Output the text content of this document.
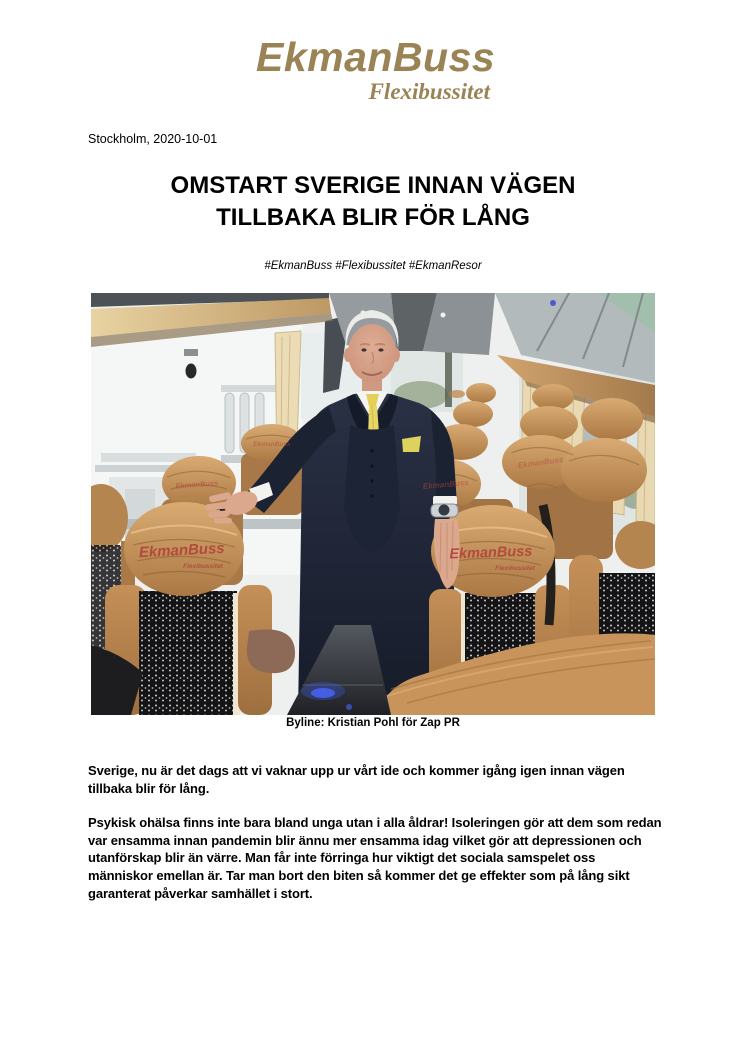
EkmanBuss
Flexibussitet
Stockholm, 2020-10-01
OMSTART SVERIGE INNAN VÄGEN
TILLBAKA BLIR FÖR LÅNG
#EkmanBuss #Flexibussitet #EkmanResor
EkmanBuss
Flexibussitet
EkmanBuss
Flexibussitet
EkmanBuss
EkmanBuss
EkmanBuss
EkmanBuss
Byline: Kristian Pohl för Zap PR

Sverige, nu är det dags att vi vaknar upp ur vårt ide och kommer igång igen innan vägen tillbaka blir för lång.

Psykisk ohälsa finns inte bara bland unga utan i alla åldrar! Isoleringen gör att dem som redan var ensamma innan pandemin blir ännu mer ensamma idag vilket gör att depressionen och utanförskap blir än värre. Man får inte förringa hur viktigt det sociala samspelet oss människor emellan är. Tar man bort den biten så kommer det ge effekter som på lång sikt garanterat påverkar samhället i stort.
